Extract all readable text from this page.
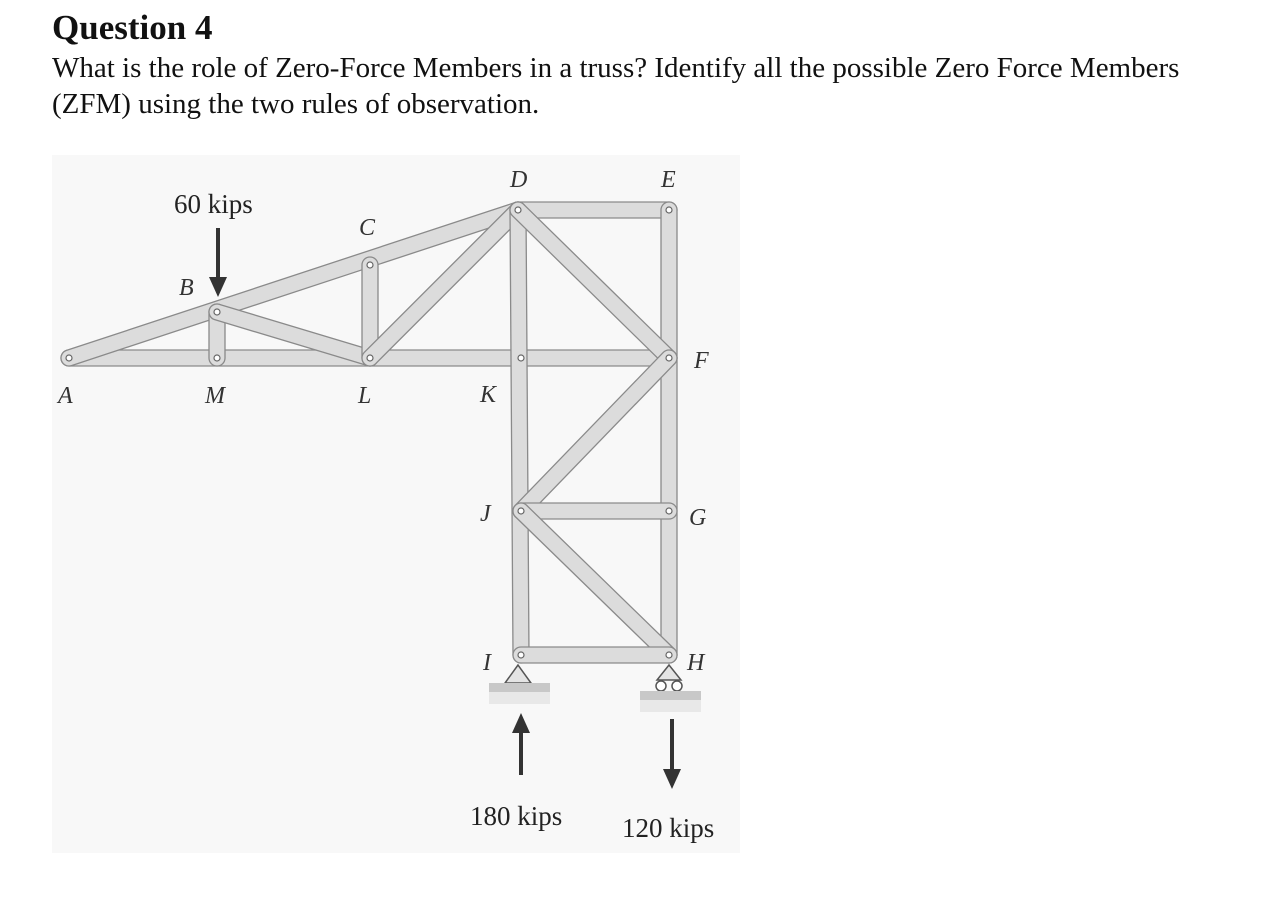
Question 4

What is the role of Zero-Force Members in a truss? Identify all the possible Zero Force Members (ZFM) using the two rules of observation.

A
B
C
D	E
F
G
H
I
J
K
L
M
60 kips
180 kips 120 kips
